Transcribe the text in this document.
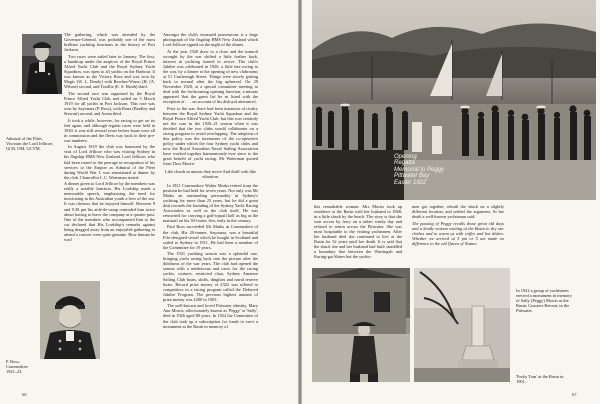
Admiral of the Fleet, Viscount the Lord Jellicoe, GCB, OM, GCVM.
P. Ross, Commodore 1921–23.

The gathering, which was attended by the Governor-General, was probably one of the most brilliant yachting functions in the history of Port Jackson.

Two races were sailed later in January. The first, a handicap under the auspices of the Royal Prince Alfred Yacht Club and the Royal Sydney Yacht Squadron, was open to all yachts on the Harbour. It was known as the Victory Race and was won by Magic (W. L. Dendy) with Rawhea-Waroo (H. (A. Wilson) second, and Toodlie (E. S. Heath) third.

The second race was organised by the Royal Prince Alfred Yacht Club and sailed on 5 March 1919 for all yachts in Port Jackson. This race was won by Sayonara (P. Ross), with Rona (Bradley and Stewart) second, and Aoma third.

It took a while, however, for racing to get on its feet again, and although regular races were held in 1920, it was still several years before boats were all in commission and the fleets way back to their pre-war numbers.

In August 1919 the club was honoured by the visit of Lord Jellicoe who was visiting Sydney in his flagship HMS New Zealand. Lord Jellicoe, who had been raised to the peerage in recognition of his services to the Empire as Admiral of the Fleet during World War I, was entertained at dinner by the club. Chancellor L.C. Waterman stated:

A dinner given to Lord Jellicoe by the members was really a notable function. His Lordship made a memorable speech, emphasising the need for inculcating in the Australian youth a love of the sea. It was obvious that he enjoyed himself. Between 9 and 9.30 pm his aide-de-camp reminded him twice about having to leave the company at a quarter past. One of the members who accompanied him to the car declared that His Lordship's remarks against being dragged away from an enjoyable gathering to attend a concert were quite genuine. How human he was!

Amongst the club's treasured possessions is a large photograph of the flagship HMS New Zealand which Lord Jellicoe signed on the night of the dinner.

At the year 1920 drew to a close and the turmoil wrought by the war shifted a little further back, interest in yachting started to revive. The club's Jubilee was celebrated in 1920, a little late owing to the war, by a dinner at the opening of new clubrooms at 51 Castlereagh Street. Things were slowly getting back to normal after the big upheaval. On 29 November 1920, at a special committee meeting to deal with the forthcoming opening function, a minute appeared 'that the guest list be as listed with the exception of . . . on account of his disloyal utterances'.

Prior to the war, there had been instances of rivalry between the Royal Sydney Yacht Squadron and the Royal Prince Alfred Yacht Club, but this was certainly not the case in the 1920–21 season when it was decided that the two clubs would collaborate on a racing program to avoid overlapping. The adoption of this policy was the forerunner of the co-operative policy under which the four Sydney yacht clubs and now the Royal Australian Naval Sailing Association have worked together harmoniously ever since to the great benefit of yacht racing. Mr Waterman quoted from Thos Moore:

Like clouds in unison they move And thrill with like vibration.

In 1921 Commodore Walter Marks retired from the position he had held for seven years. Not only was Mr Marks an outstanding personality in Sydney's yachting for more than 25 years, but he did a great deal towards the founding of the Sydney Yacht Racing Association as well as the club itself. He was renowned for carrying a gaff-topsail half as big as the mainsail on his 30-footer, Sea, early in the century.

Paul Ross succeeded Mr Marks as Commodore of the club. His 20-tonner, Sayonara, was a beautiful Fife-designed vessel which he bought in Scotland and sailed to Sydney in 1911. He had been a member of the Committee for 19 years.

The 1921 yachting season was a splendid one, bringing yacht racing back into the picture after the doldrums of the war years. The club had opened the season with a rendezvous and races for the racing yachts, cruisers, restricted class, Sydney Amateur Sailing Club boats, skiffs, dinghies and naval reserve boats. Record prize money of £322 was offered to competitors in a racing program called the Deferred Jubilee Program. The previous highest amount of prize money was £200 in 1903.

The well-known and loved Pittwater identity, Mary Ann Morris, affectionately known as 'Peggy' or 'Sally', died in 1926 aged 80 years. In 1922 the Committee of the club took up a subscription for funds to erect a monument at the Basin in memory of

66
Opening
Regatta
Memorial to Peggy
Pittwater Bay
Easter 1922

this remarkable woman. Mrs Morris took up residence at the Basin with her husband in 1868, in a little shack by the beach. The story is that she won across by ferry on a rather windy day and refused to return across the Pittwater. She was most hospitable to the visiting yachtsmen. After her husband died she continued to live at the Basin for 52 years until her death. It is said that the shack she and her husband had built straddled a boundary line between the Warringah and Kuring-gai Shires but the yachts-

men got together, rebuilt the shack on a slightly different location, and settled the argument. At her death a well-known yachtsman said:

The passing of Peggy recalls those great old days and a kindly woman waiting at the Basin to dry our clothes and to warm us with coffee and hot dishes. Whether we arrived at 5 pm or 5 am made no difference to the old Queen of Nature.

In 1922 a group of yachtsmen erected a monument in memory of Sally (Peggy) Morris at the Basin, Coasters Retreat, in the Pittwater.
'Forky Tom' at the Basin in 1901.
67
